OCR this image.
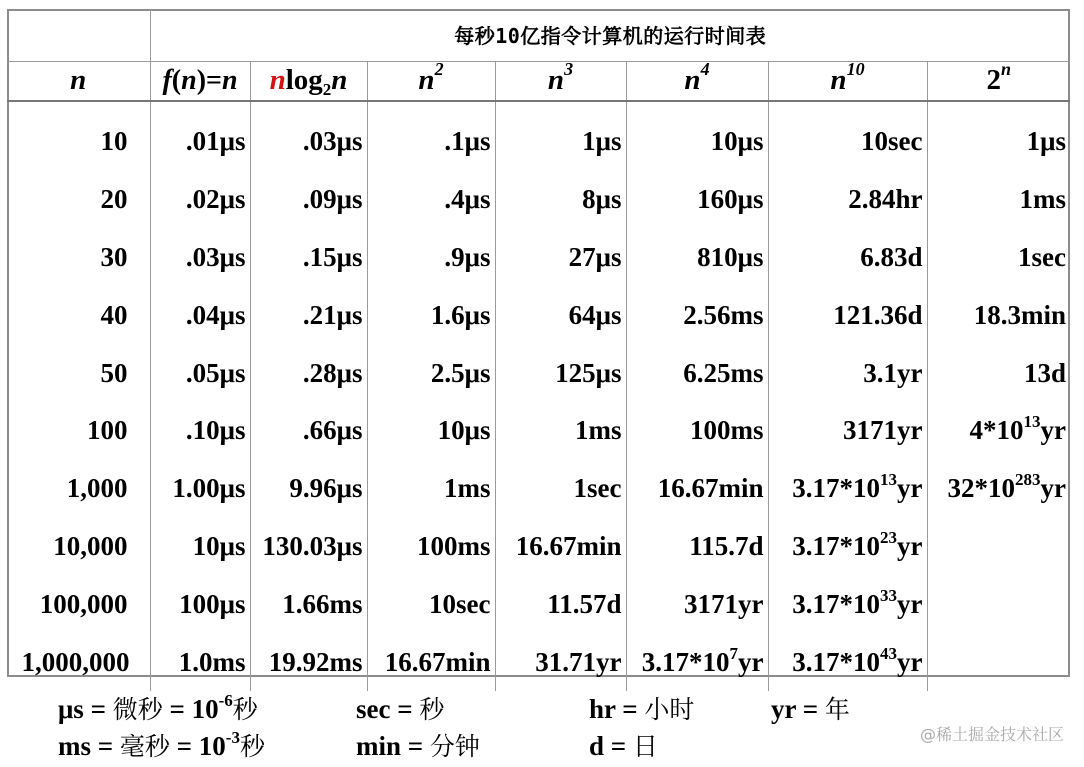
	每秒10亿指令计算机的运行时间表						
n	f(n)=n	nlog$_2$n	$n^2$	$n^3$	$n^4$	$n^{10}$	2$^n$

10	.01μs	.03μs	.1μs	1μs	10μs	10sec	1μs
20	.02μs	.09μs	.4μs	8μs	160μs	2.84hr	1ms
30	.03μs	.15μs	.9μs	27μs	810μs	6.83d	1sec
40	.04μs	.21μs	1.6μs	64μs	2.56ms	121.36d	18.3min
50	.05μs	.28μs	2.5μs	125μs	6.25ms	3.1yr	13d
100	.10μs	.66μs	10μs	1ms	100ms	3171yr	$4*10^{13}yr$
1,000	1.00μs	9.96μs	1ms	1sec	16.67min	$3.17*10^{13}yr$	$32*10^{283}yr$
10,000	10μs	130.03μs	100ms	16.67min	115.7d	$3.17*10^{23}yr$	
100,000	100μs	1.66ms	10sec	11.57d	3171yr	$3.17*10^{33}yr$	
1,000,000	1.0ms	19.92ms	16.67min	31.71yr	$3.17*10^7yr$	$3.17*10^{43}yr$	
μs = 微秒 = $10^{-6}$秒
ms = 毫秒 = $10^{-3}$秒
sec = 秒
min = 分钟
hr = 小时
d = 日
yr = 年
@稀土掘金技术社区
